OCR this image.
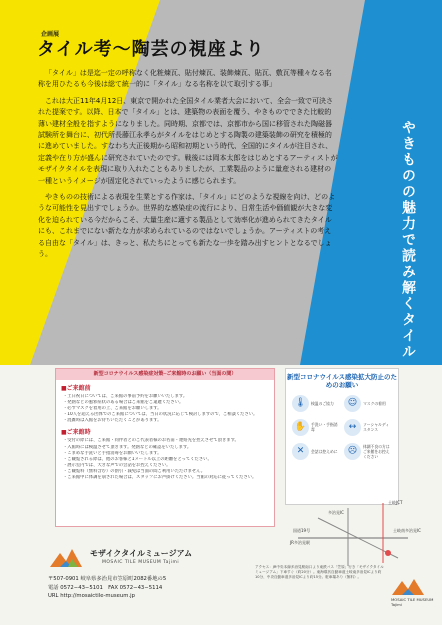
企画展
タイル考〜陶芸の視座より

「タイル」は是迄一定の呼称なく化粧煉瓦、貼付煉瓦、装飾煉瓦、貼瓦、敷瓦等種々なる名称を用ひたるも今後は総て統一的に「タイル」なる名称を以て取引する事」

これは大正11年4月12日、東京で開かれた全国タイル業者大会において、全会一致で可決された提案です。以降、日本で「タイル」とは、建築物の表面を覆う、やきものでできた比較的薄い建材全般を指すようになりました。同時期、京都では、京都市から国に移管された陶磁器試験所を舞台に、初代所長藤江永孝らがタイルをはじめとする陶製の建築装飾の研究を積極的に進めていました。すなわち大正後期から昭和初期という時代、全国的にタイルが注目され、定義や在り方が盛んに研究されていたのです。戦後には岡本太郎をはじめとするアーティストがモザイクタイルを表現に取り入れたこともありましたが、工業製品のように量産される建材の一種というイメージが固定化されていったように感じられます。

やきものの技術による表現を生業とする作家は、「タイル」にどのような視線を向け、どのような可能性を見出すでしょうか。世界的な感染症の流行により、日常生活や価値観が大きな変化を迫られている今だからこそ、大量生産に適する製品として効率化が進められてきたタイルにも、これまでにない新たな力が求められているのではないでしょうか。アーティストの考える自由な「タイル」は、きっと、私たちにとっても新たな一歩を踏み出すヒントとなるでしょう。	やきものの魅力で読み解くタイル
新型コロナウイルス感染症対策─ご来館時のお願い（当面の間）
■ご来館前
・土日祝日については、ご来館の事前予約をお願いいたします。
・発熱などの風邪症状のある場合はご来館をご遠慮ください。
・必ずマスクを着用の上、ご来館をお願いします。
・10人を超える団体でのご来館については、当日の状況に応じて検討しますので、ご相談ください。
・混雑時は入館をお待ちいただくことがあります。
■ご来館時
・受付の際には、ご来館・同伴者とのご代表者様のお名前・連絡先を控えさせて頂きます。
・入館時には検温させて頂きます。発熱などの確認をいたします。
・こまめな手洗いと手指消毒をお願いいたします。
・ご観覧される際は、他のお客様と1メートル以上の距離をとってください。
・展示室内では、大きな声での会話をお控えください。
・ご観覧料（無料含む）の割引・減免は当面の間ご利用いただけません。
・ご来館中に体調を崩された場合は、スタッフにお声掛けください。当館の対応に従ってください。
新型コロナウイルス感染拡大防止のためのお願い
🌡	検温のご協力	☺	マスクの着用
✋	手洗い・手指消毒	↔	ソーシャルディスタンス
✕	会話は控えめに	☹	体調不良の方はご来館をお控えください
JR多治見駅
多治見IC
土岐JCT
土岐南多治見IC
国道19号
モザイクタイルミュージアム
MOSAIC TILE MUSEUM Tajimi
〒507-0901 岐阜県多治見市笠原町2082番地の5
電話 0572−43−5101　FAX 0572−43−5114
URL http://mosaictile-museum.jp
アクセス：JR中央本線多治見駅南口より東鉄バス「笠原」行き「モザイクタイルミュージアム」下車すぐ（約20分）。東海環状自動車道土岐南多治見ICより約10分、中央自動車道多治見ICより約15分。駐車場あり（無料）。
MOSAIC TILE MUSEUM Tajimi
